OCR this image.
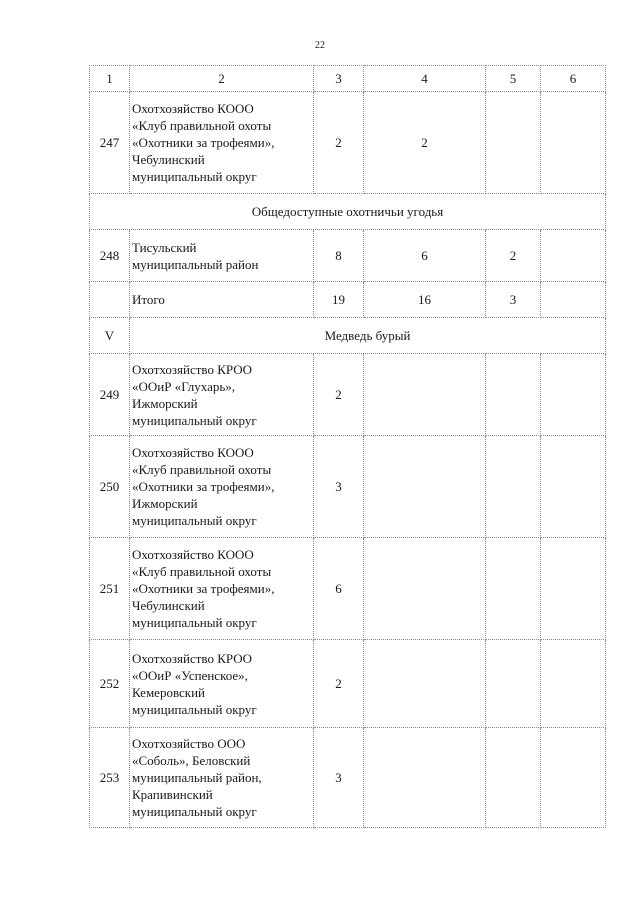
22
1	2	3	4	5	6
247	Охотхозяйство КООО
«Клуб правильной охоты
«Охотники за трофеями»,
Чебулинский
муниципальный округ	2	2		
Общедоступные охотничьи угодья					
248	Тисульский
муниципальный район	8	6	2	

	Итого	19	16	3	
V	Медведь бурый				
249	Охотхозяйство КРОО
«ООиР «Глухарь»,
Ижморский
муниципальный округ	2			
250	Охотхозяйство КООО
«Клуб правильной охоты
«Охотники за трофеями»,
Ижморский
муниципальный округ	3			
251	Охотхозяйство КООО
«Клуб правильной охоты
«Охотники за трофеями»,
Чебулинский
муниципальный округ	6			
252	Охотхозяйство КРОО
«ООиР «Успенское»,
Кемеровский
муниципальный округ	2			
253	Охотхозяйство ООО
«Соболь», Беловский
муниципальный район,
Крапивинский
муниципальный округ	3			
